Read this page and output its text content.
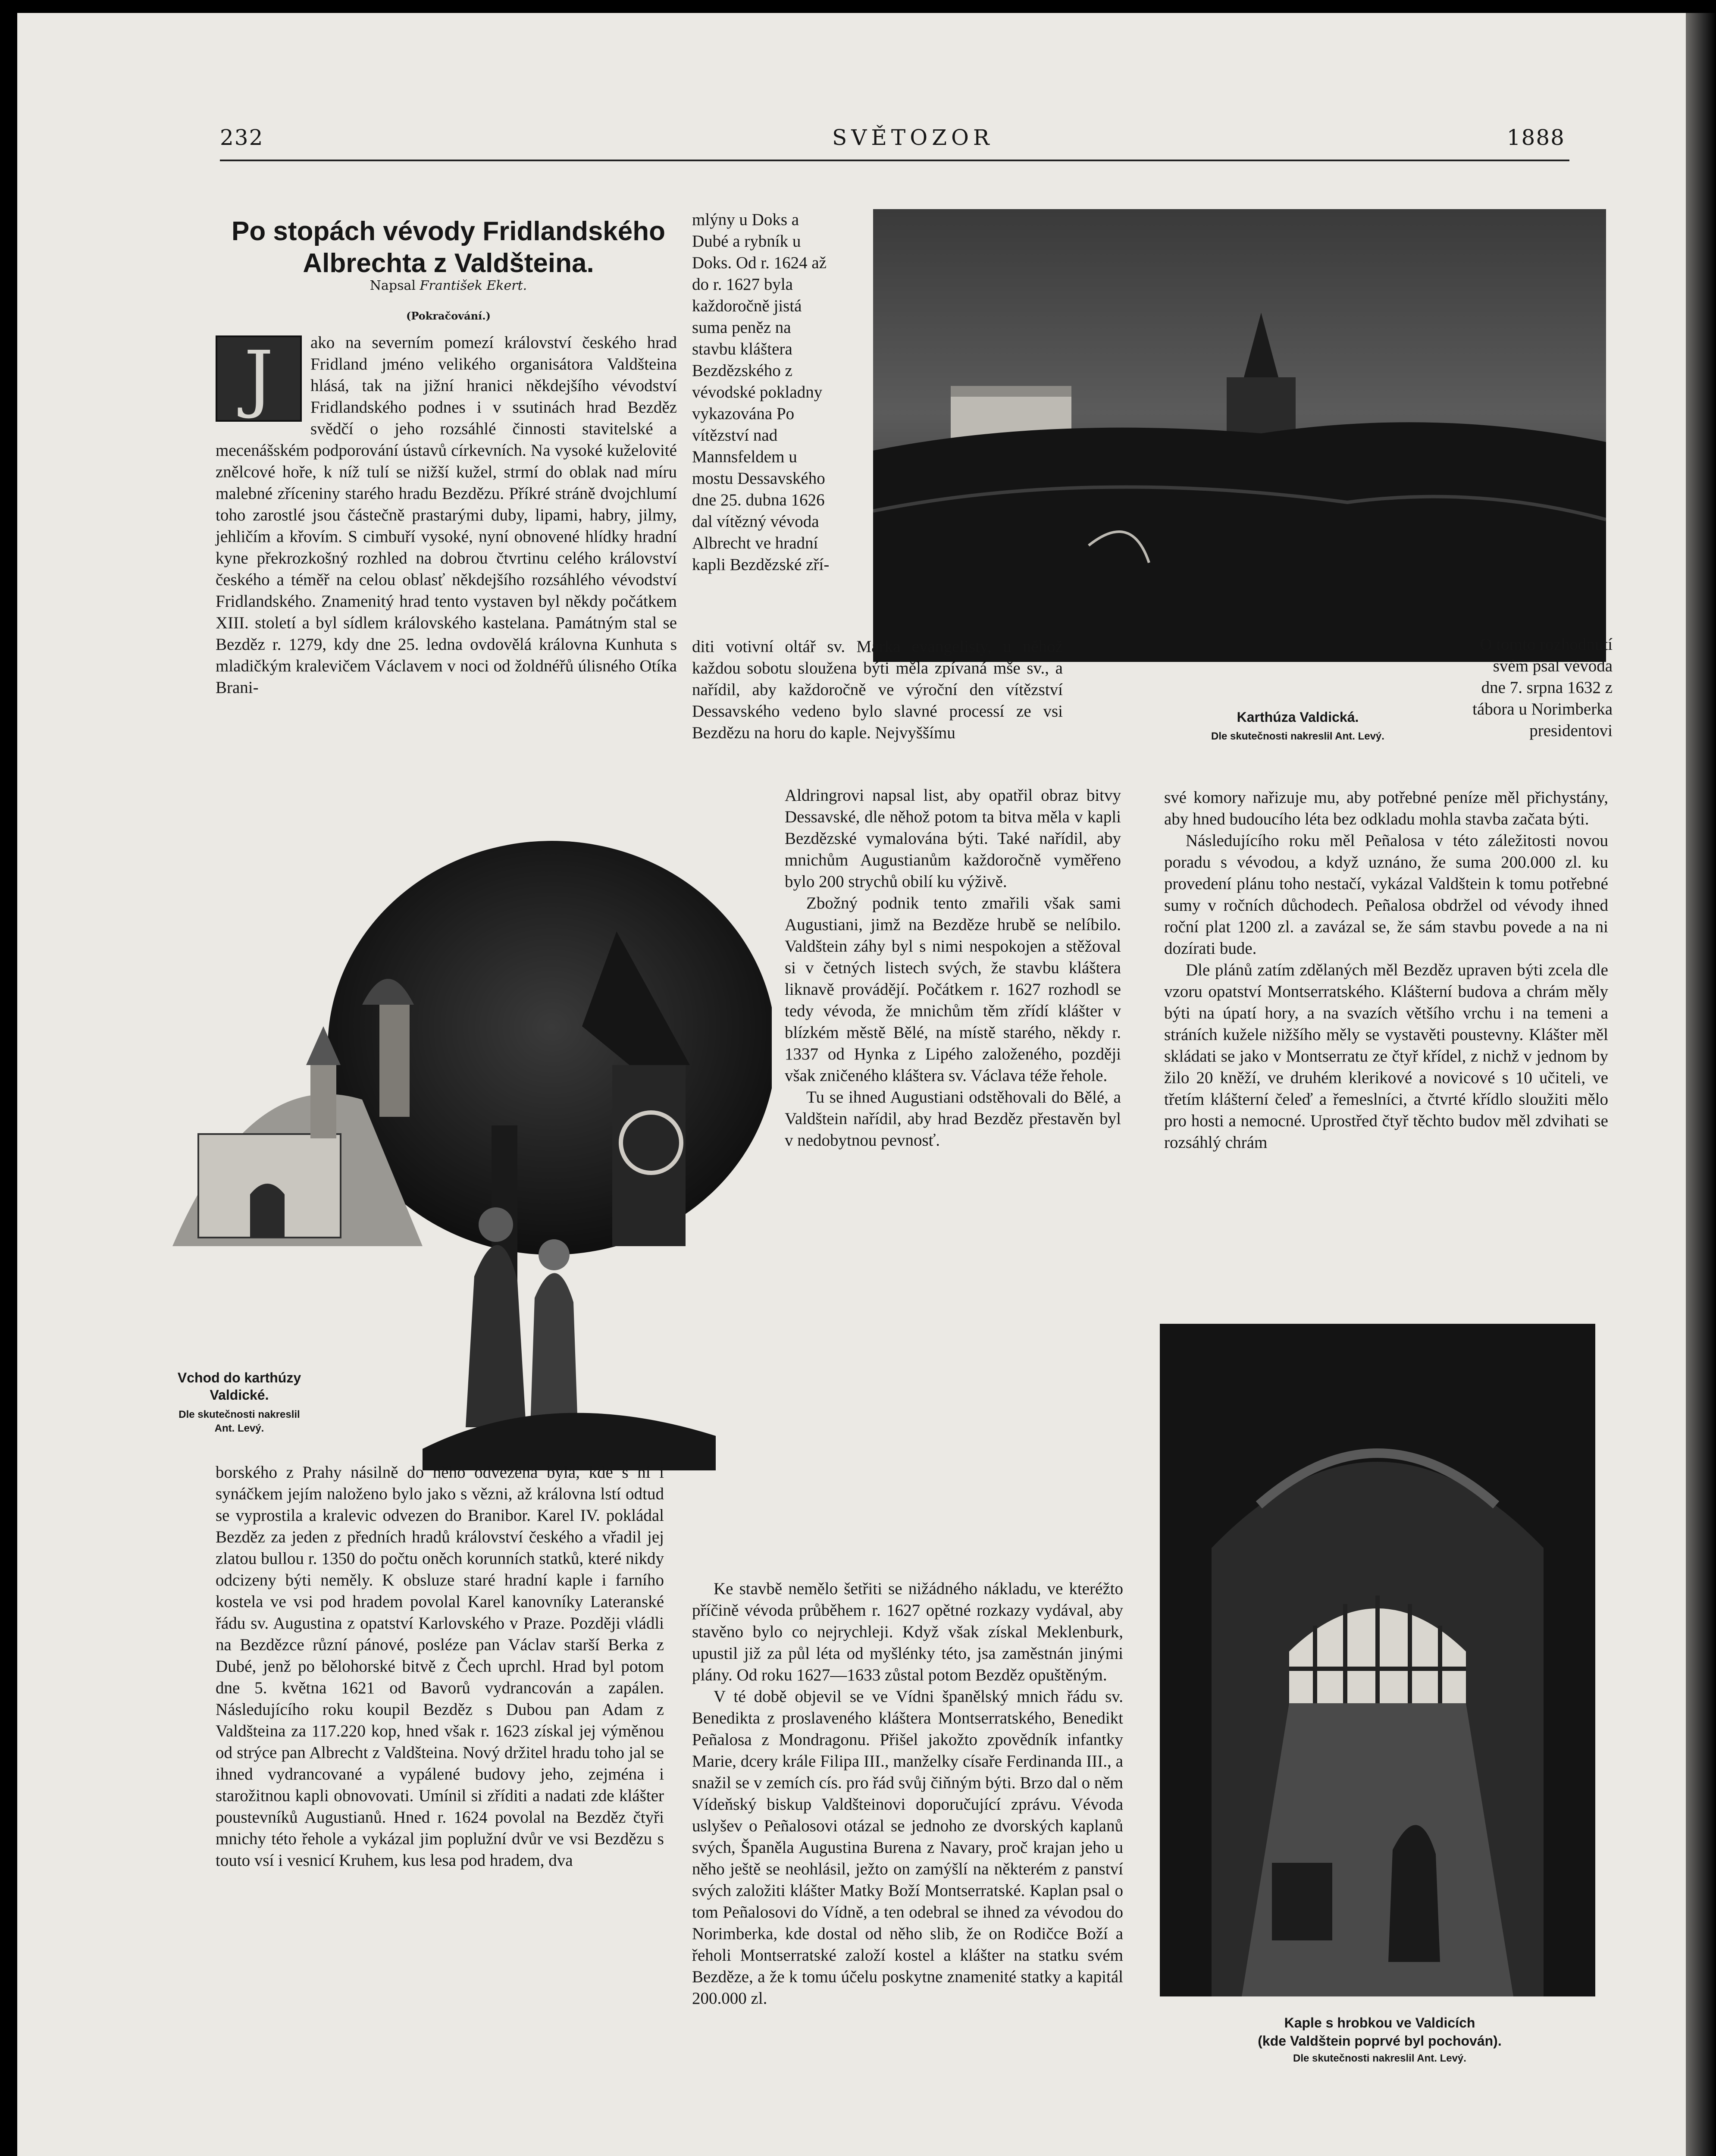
232	SVĚTOZOR	1888
Po stopách vévody Fridlandského
Albrechta z Valdšteina.
Napsal František Ekert.
(Pokračování.)
J	ako na severním pomezí království českého hrad Fridland jméno velikého organisátora Valdšteina hlásá, tak na jižní hranici někdejšího vévodství Fridlandského podnes i v ssutinách hrad Bezděz svědčí o jeho rozsáhlé činnosti stavitelské a mecenášském podporování ústavů církevních. Na vysoké kuželovité znělcové hoře, k níž tulí se nižší kužel, strmí do oblak nad míru malebné zříceniny starého hradu Bezdězu. Příkré stráně dvojchlumí toho zarostlé jsou částečně prastarými duby, lipami, habry, jilmy, jehličím a křovím. S cimbuří vysoké, nyní obnovené hlídky hradní kyne překrozkošný rozhled na dobrou čtvrtinu celého království českého a téměř na celou oblasť někdejšího rozsáhlého vévodství Fridlandského. Znamenitý hrad tento vystaven byl někdy počátkem XIII. století a byl sídlem královského kastelana. Památným stal se Bezděz r. 1279, kdy dne 25. ledna ovdovělá královna Kunhuta s mladičkým kralevičem Václavem v noci od žoldnéřů úlisného Otíka Brani-

Vchod do karthúzy
Valdické.
Dle skutečnosti nakreslil
Ant. Levý.

borského z Prahy násilně do něho odvezena byla, kde s ní i synáčkem jejím naloženo bylo jako s vězni, až královna lstí odtud se vyprostila a kralevic odvezen do Branibor. Karel IV. pokládal Bezděz za jeden z předních hradů království českého a vřadil jej zlatou bullou r. 1350 do počtu oněch korunních statků, které nikdy odcizeny býti neměly. K obsluze staré hradní kaple i farního kostela ve vsi pod hradem povolal Karel kanovníky Lateranské řádu sv. Augustina z opatství Karlovského v Praze. Později vládli na Bezdězce různí pánové, posléze pan Václav starší Berka z Dubé, jenž po bělohorské bitvě z Čech uprchl. Hrad byl potom dne 5. května 1621 od Bavorů vydrancován a zapálen. Následujícího roku koupil Bezděz s Dubou pan Adam z Valdšteina za 117.220 kop, hned však r. 1623 získal jej výměnou od strýce pan Albrecht z Valdšteina. Nový držitel hradu toho jal se ihned vydrancované a vypálené budovy jeho, zejména i starožitnou kapli obnovovati. Umínil si zříditi a nadati zde klášter poustevníků Augustianů. Hned r. 1624 povolal na Bezděz čtyři mnichy této řehole a vykázal jim poplužní dvůr ve vsi Bezdězu s touto vsí i vesnicí Kruhem, kus lesa pod hradem, dva

mlýny u Doks a Dubé a rybník u Doks. Od r. 1624 až do r. 1627 byla každoročně jistá suma peněz na stavbu kláštera Bezdězského z vévodské pokladny vykazována Po vítězství nad Mannsfeldem u mostu Dessavského dne 25. dubna 1626 dal vítězný vévoda Albrecht ve hradní kapli Bezdězské zří-

Karthúza Valdická.
Dle skutečnosti nakreslil Ant. Levý.

diti votivní oltář sv. Marka evangelisty, u něhož každou sobotu sloužena býti měla zpívaná mše sv., a nařídil, aby každoročně ve výroční den vítězství Dessavského vedeno bylo slavné processí ze vsi Bezdězu na horu do kaple. Nejvyššímu

Aldringrovi napsal list, aby opatřil obraz bitvy Dessavské, dle něhož potom ta bitva měla v kapli Bezdězské vymalována býti. Také nařídil, aby mnichům Augustianům každoročně vyměřeno bylo 200 strychů obilí ku výživě.

Zbožný podnik tento zmařili však sami Augustiani, jimž na Bezdězе hrubě se nelíbilo. Valdštein záhy byl s nimi nespokojen a stěžoval si v četných listech svých, že stavbu kláštera liknavě provádějí. Počátkem r. 1627 rozhodl se tedy vévoda, že mnichům těm zřídí klášter v blízkém městě Bělé, na místě starého, někdy r. 1337 od Hynka z Lipého založeného, později však zničeného kláštera sv. Václava téže řehole.

Tu se ihned Augustiani odstěhovali do Bělé, a Valdštein nařídil, aby hrad Bezděz přestavěn byl v nedobytnou pevnosť.

Ke stavbě nemělo šetřiti se nižádného nákladu, ve kteréžto příčině vévoda průběhem r. 1627 opětné rozkazy vydával, aby stavěno bylo co nejrychleji. Když však získal Meklenburk, upustil již za půl léta od myšlénky této, jsa zaměstnán jinými plány. Od roku 1627—1633 zůstal potom Bezděz opuštěným.

V té době objevil se ve Vídni španělský mnich řádu sv. Benedikta z proslaveného kláštera Montserratského, Benedikt Peñalosa z Mondragonu. Přišel jakožto zpovědník infantky Marie, dcery krále Filipa III., manželky císaře Ferdinanda III., a snažil se v zemích cís. pro řád svůj čiňným býti. Brzo dal o něm Vídeňský biskup Valdšteinovi doporučující zprávu. Vévoda uslyšev o Peñalosovi otázal se jednoho ze dvorských kaplanů svých, Španěla Augustina Burena z Navary, proč krajan jeho u něho ještě se neohlásil, ježto on zamýšlí na některém z panství svých založiti klášter Matky Boží Montserratské. Kaplan psal o tom Peñalosovi do Vídně, a ten odebral se ihned za vévodou do Norimberka, kde dostal od něho slib, že on Rodičce Boží a řeholi Montserratské založí kostel a klášter na statku svém Bezdězе, a že k tomu účelu poskytne znamenité statky a kapitál 200.000 zl.

O tomto rozhodnutí svém psal vévoda dne 7. srpna 1632 z tábora u Norimberka presidentovi

své komory nařizuje mu, aby potřebné peníze měl přichystány, aby hned budoucího léta bez odkladu mohla stavba začata býti.

Následujícího roku měl Peñalosa v této záležitosti novou poradu s vévodou, a když uznáno, že suma 200.000 zl. ku provedení plánu toho nestačí, vykázal Valdštein k tomu potřebné sumy v ročních důchodech. Peñalosa obdržel od vévody ihned roční plat 1200 zl. a zavázal se, že sám stavbu povede a na ni dozírati bude.

Dle plánů zatím zdělaných měl Bezděz upraven býti zcela dle vzoru opatství Montserratského. Klášterní budova a chrám měly býti na úpatí hory, a na svazích většího vrchu i na temeni a stráních kužele nižšího měly se vystavěti poustevny. Klášter měl skládati se jako v Montserratu ze čtyř křídel, z nichž v jednom by žilo 20 kněží, ve druhém klerikové a novicové s 10 učiteli, ve třetím klášterní čeleď a řemeslníci, a čtvrté křídlo sloužiti mělo pro hosti a nemocné. Uprostřed čtyř těchto budov měl zdvihati se rozsáhlý chrám

Kaple s hrobkou ve Valdicích
(kde Valdštein poprvé byl pochován).
Dle skutečnosti nakreslil Ant. Levý.
